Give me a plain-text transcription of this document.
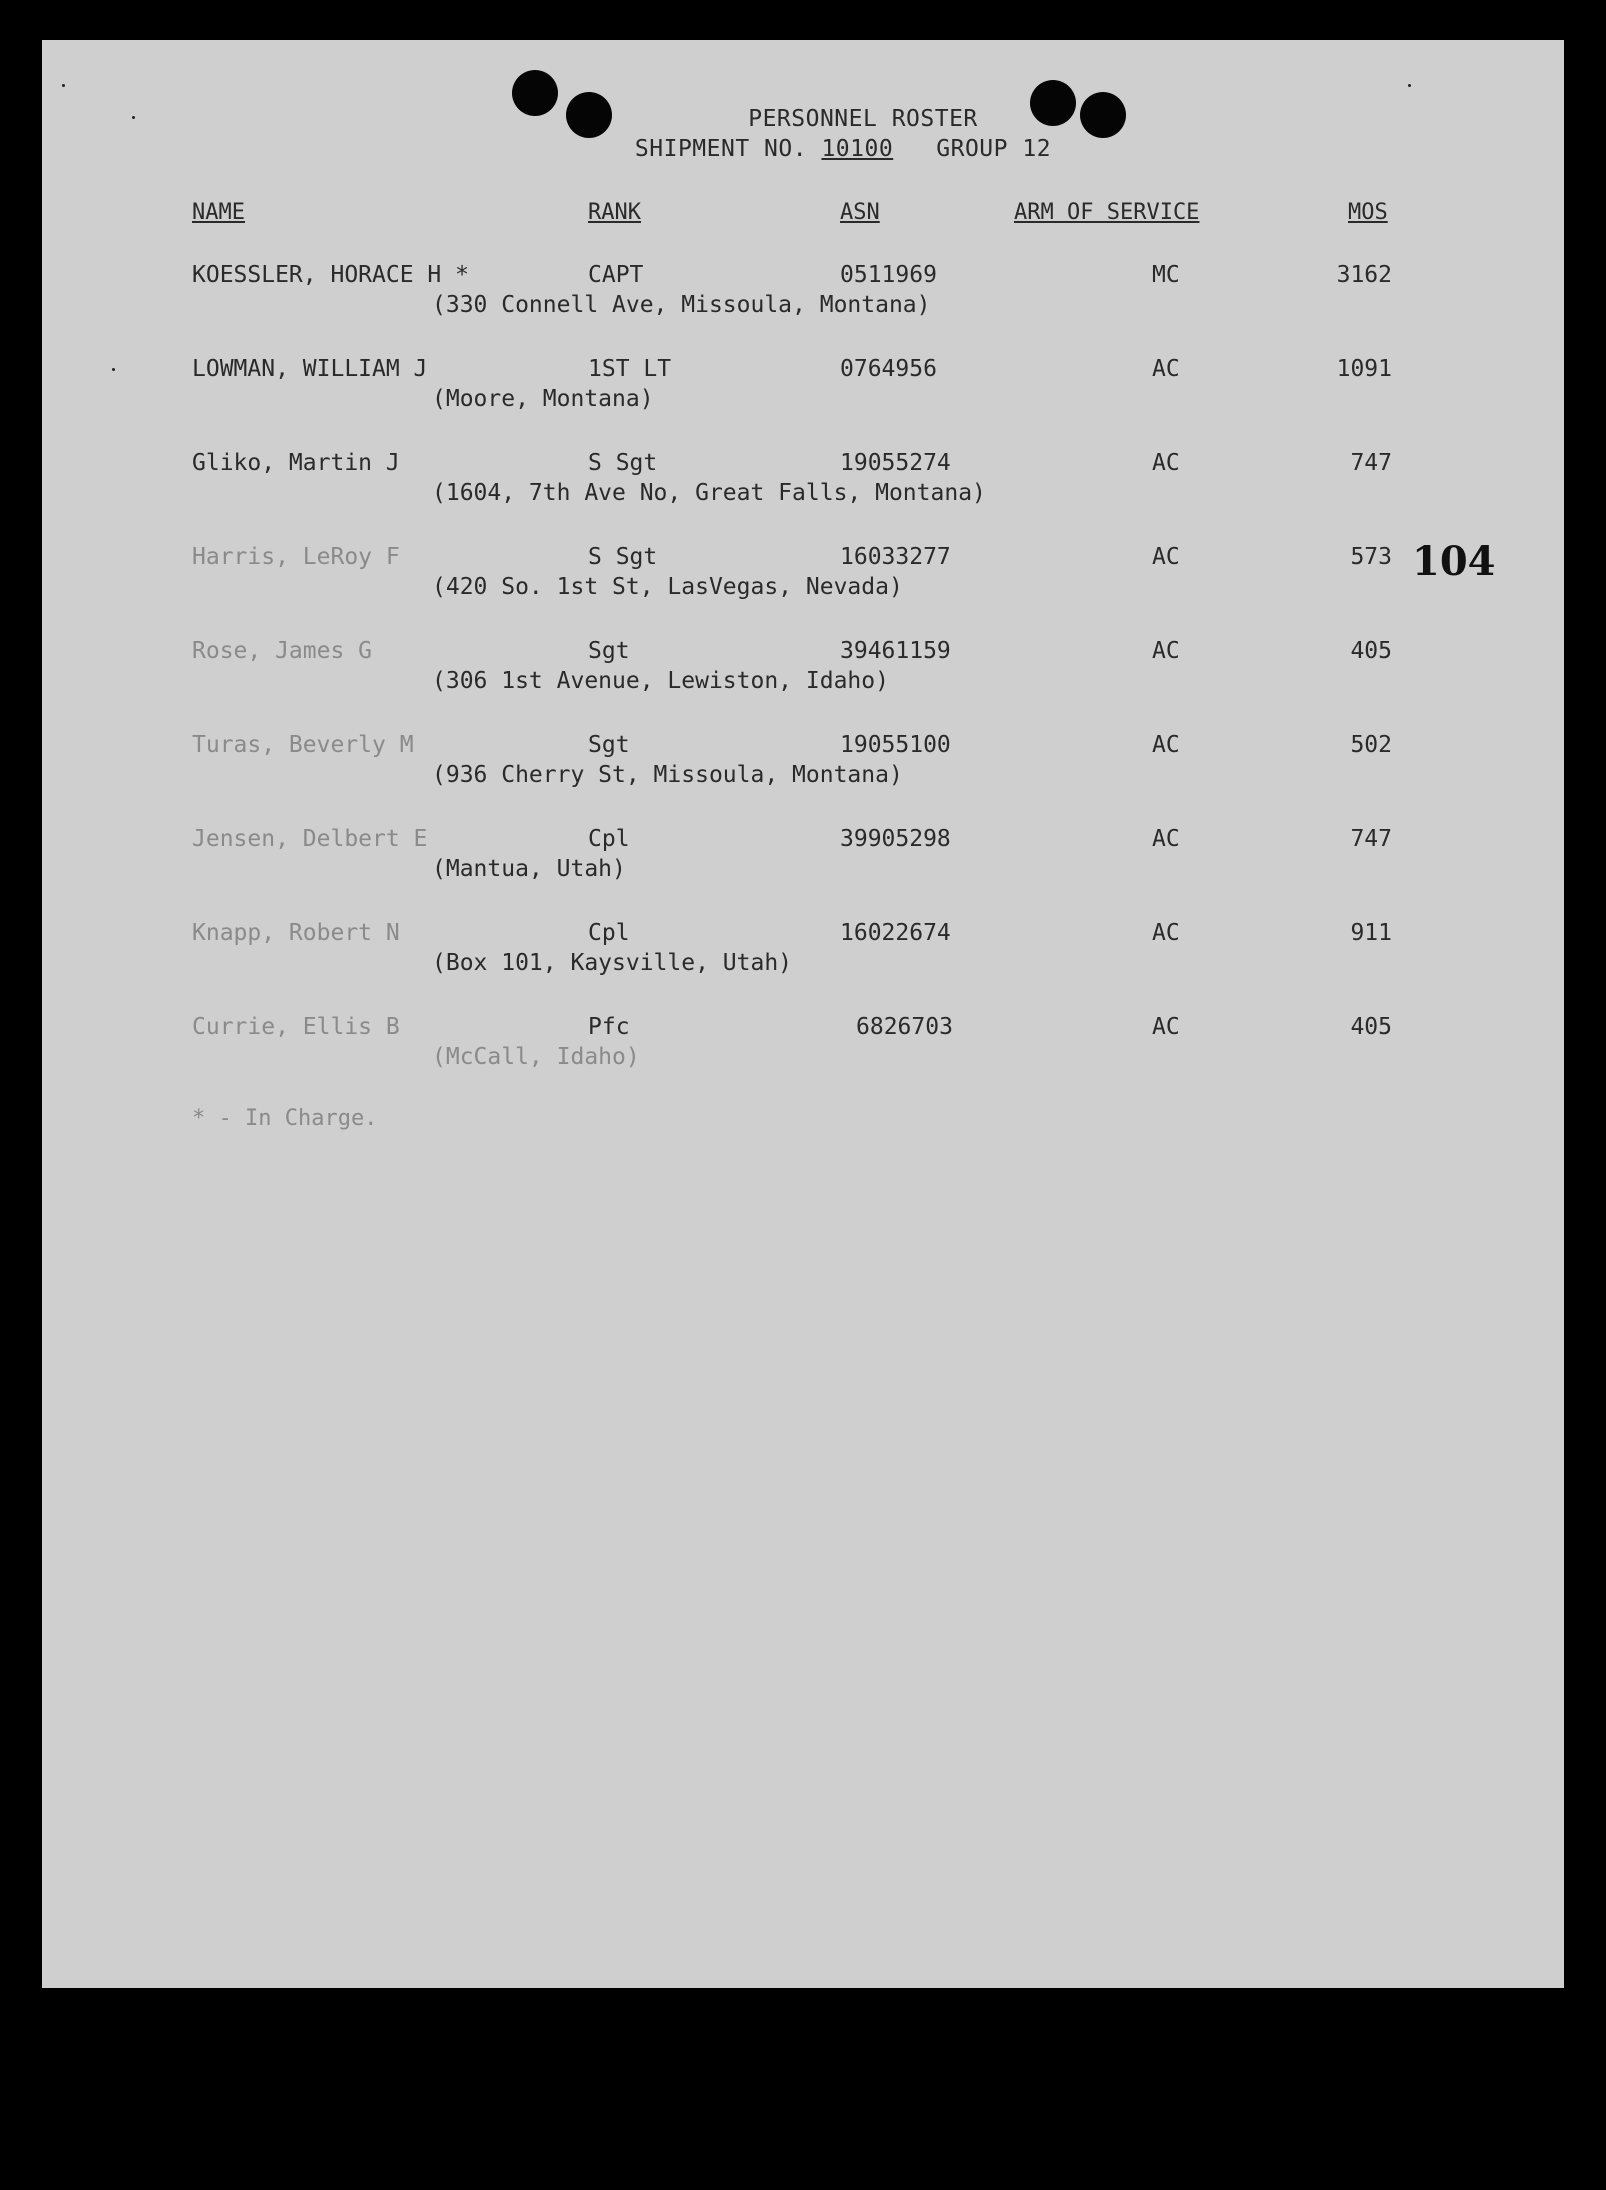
PERSONNEL ROSTER
SHIPMENT NO. 10100 GROUP 12
NAME	RANK	ASN	ARM OF SERVICE	MOS
KOESSLER, HORACE H *	CAPT	0511969	MC	3162
(330 Connell Ave, Missoula, Montana)
LOWMAN, WILLIAM J	1ST LT	0764956	AC	1091
(Moore, Montana)
Gliko, Martin J	S Sgt	19055274	AC	747
(1604, 7th Ave No, Great Falls, Montana)
Harris, LeRoy F	S Sgt	16033277	AC	573
(420 So. 1st St, LasVegas, Nevada)
Rose, James G	Sgt	39461159	AC	405
(306 1st Avenue, Lewiston, Idaho)
Turas, Beverly M	Sgt	19055100	AC	502
(936 Cherry St, Missoula, Montana)
Jensen, Delbert E	Cpl	39905298	AC	747
(Mantua, Utah)
Knapp, Robert N	Cpl	16022674	AC	911
(Box 101, Kaysville, Utah)
Currie, Ellis B	Pfc	6826703	AC	405
(McCall, Idaho)
104
* - In Charge.
